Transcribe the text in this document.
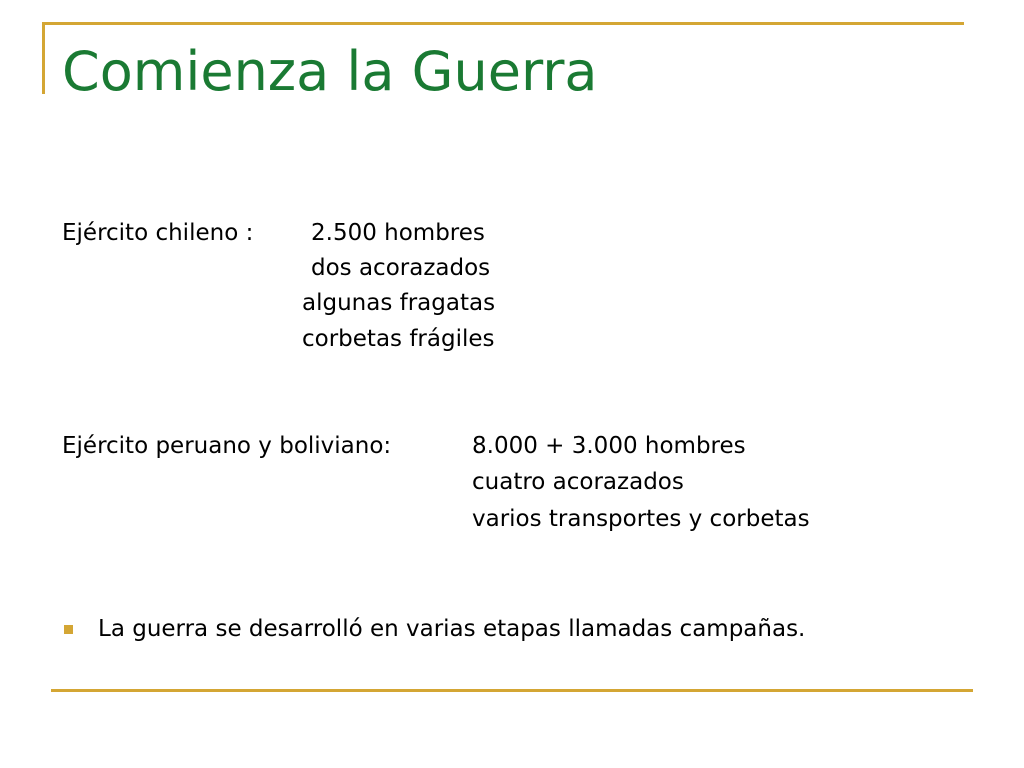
Comienza la Guerra

Ejército chileno :	2.500 hombres

dos acorazados

algunas fragatas

corbetas frágiles

Ejército peruano y boliviano:	8.000 + 3.000 hombres

cuatro acorazados

varios transportes y corbetas

La guerra se desarrolló en varias etapas llamadas campañas.
